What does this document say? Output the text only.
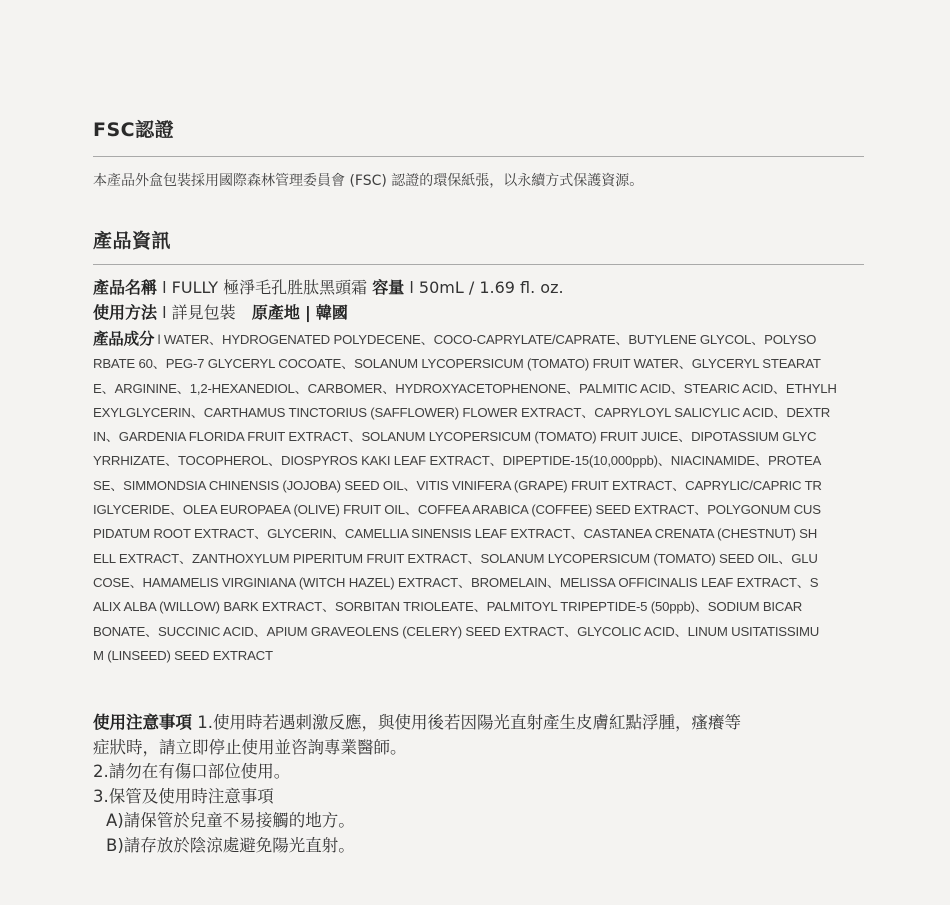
FSC認證
本產品外盒包裝採用國際森林管理委員會 (FSC) 認證的環保紙張，以永續方式保護資源。
產品資訊
產品名稱 l FULLY 極淨毛孔胜肽黑頭霜 容量 l 50mL / 1.69 fl. oz.
使用方法 l 詳見包裝 原產地 | 韓國
產品成分 l WATER、HYDROGENATED POLYDECENE、COCO-CAPRYLATE/CAPRATE、BUTYLENE GLYCOL、POLYSO
RBATE 60、PEG-7 GLYCERYL COCOATE、SOLANUM LYCOPERSICUM (TOMATO) FRUIT WATER、GLYCERYL STEARAT
E、ARGININE、1,2-HEXANEDIOL、CARBOMER、HYDROXYACETOPHENONE、PALMITIC ACID、STEARIC ACID、ETHYLH
EXYLGLYCERIN、CARTHAMUS TINCTORIUS (SAFFLOWER) FLOWER EXTRACT、CAPRYLOYL SALICYLIC ACID、DEXTR
IN、GARDENIA FLORIDA FRUIT EXTRACT、SOLANUM LYCOPERSICUM (TOMATO) FRUIT JUICE、DIPOTASSIUM GLYC
YRRHIZATE、TOCOPHEROL、DIOSPYROS KAKI LEAF EXTRACT、DIPEPTIDE-15(10,000ppb)、NIACINAMIDE、PROTEA
SE、SIMMONDSIA CHINENSIS (JOJOBA) SEED OIL、VITIS VINIFERA (GRAPE) FRUIT EXTRACT、CAPRYLIC/CAPRIC TR
IGLYCERIDE、OLEA EUROPAEA (OLIVE) FRUIT OIL、COFFEA ARABICA (COFFEE) SEED EXTRACT、POLYGONUM CUS
PIDATUM ROOT EXTRACT、GLYCERIN、CAMELLIA SINENSIS LEAF EXTRACT、CASTANEA CRENATA (CHESTNUT) SH
ELL EXTRACT、ZANTHOXYLUM PIPERITUM FRUIT EXTRACT、SOLANUM LYCOPERSICUM (TOMATO) SEED OIL、GLU
COSE、HAMAMELIS VIRGINIANA (WITCH HAZEL) EXTRACT、BROMELAIN、MELISSA OFFICINALIS LEAF EXTRACT、S
ALIX ALBA (WILLOW) BARK EXTRACT、SORBITAN TRIOLEATE、PALMITOYL TRIPEPTIDE-5 (50ppb)、SODIUM BICAR
BONATE、SUCCINIC ACID、APIUM GRAVEOLENS (CELERY) SEED EXTRACT、GLYCOLIC ACID、LINUM USITATISSIMU
M (LINSEED) SEED EXTRACT
使用注意事項 1.使用時若遇刺激反應，與使用後若因陽光直射產生皮膚紅點浮腫，瘙癢等
症狀時，請立即停止使用並咨詢專業醫師。
2.請勿在有傷口部位使用。
3.保管及使用時注意事項
A)請保管於兒童不易接觸的地方。
B)請存放於陰涼處避免陽光直射。
